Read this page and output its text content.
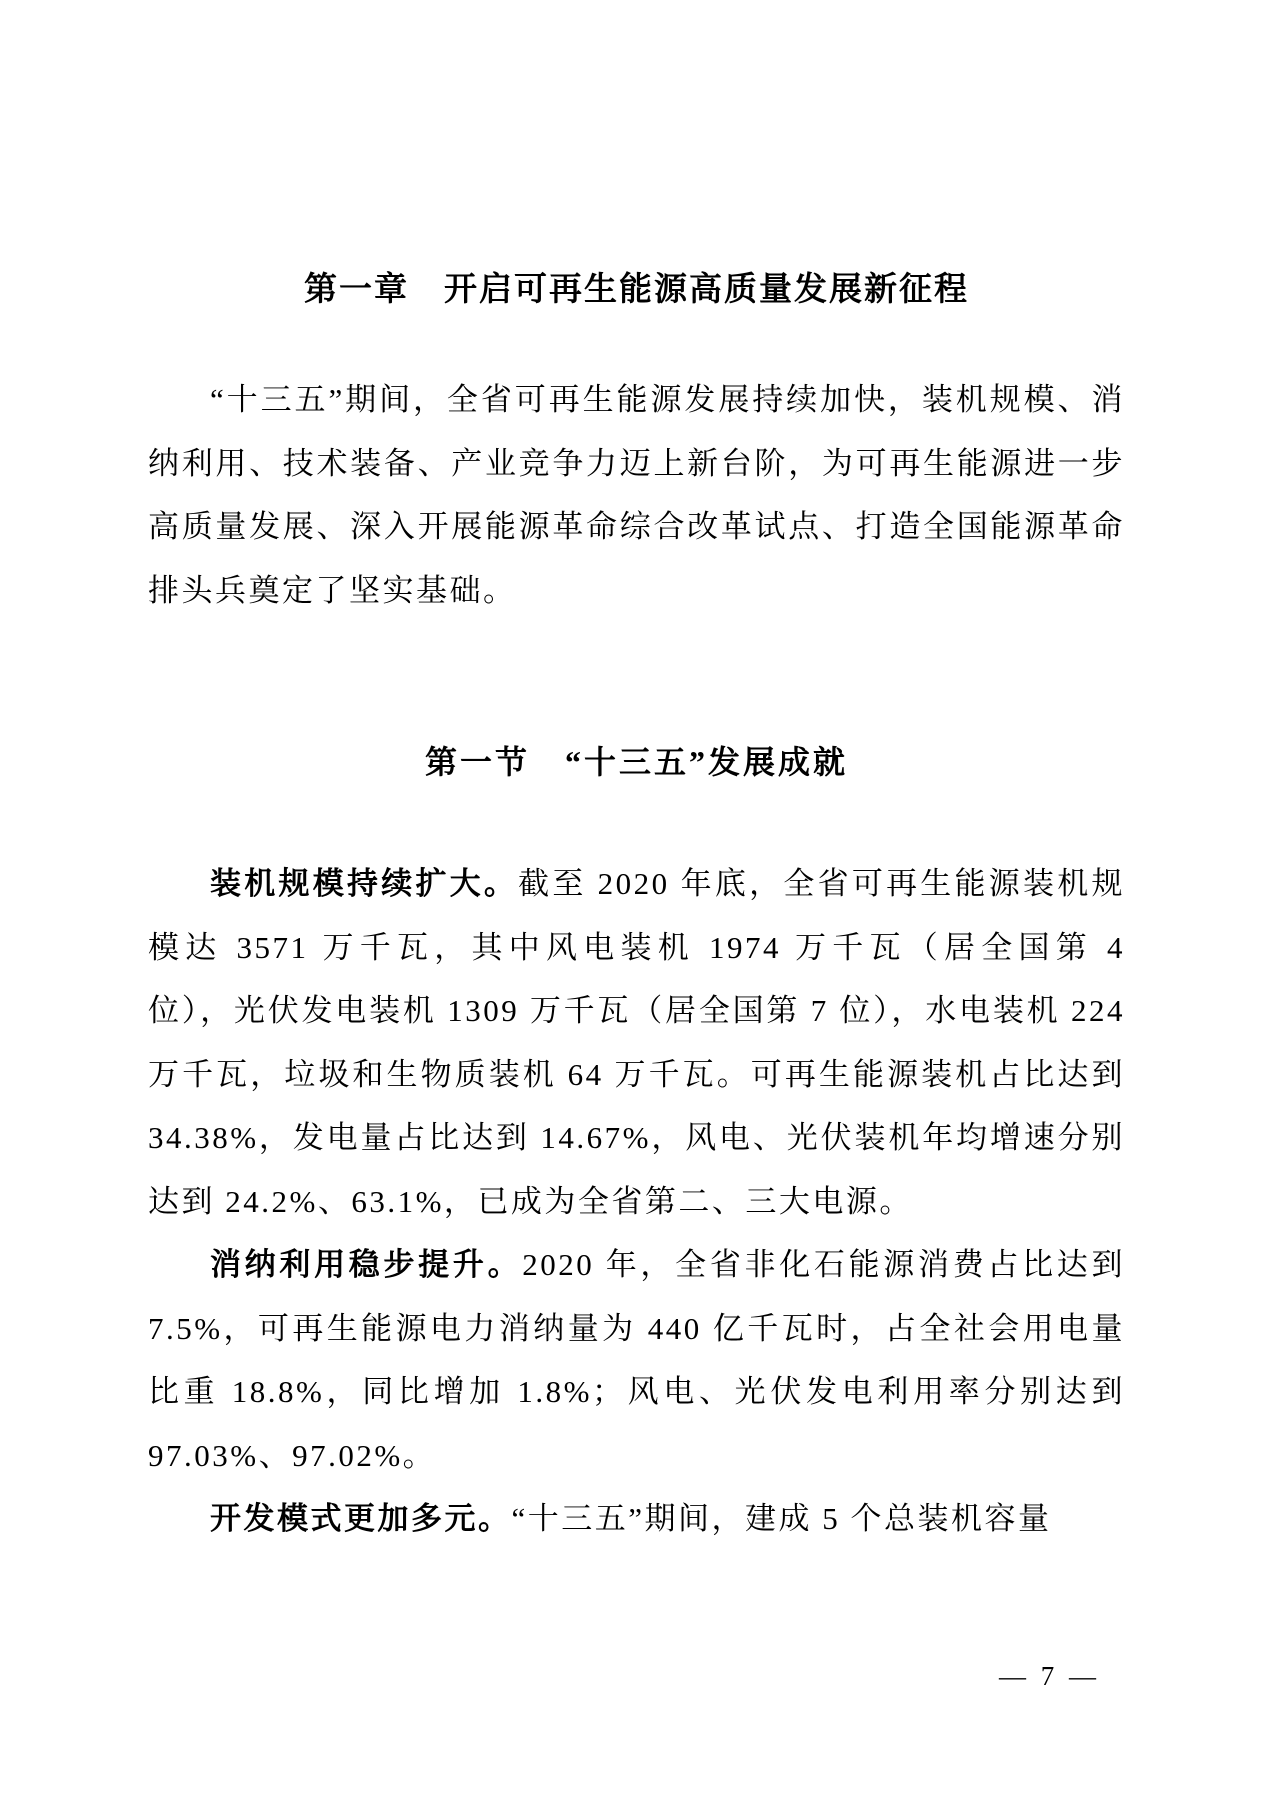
第一章　开启可再生能源高质量发展新征程

“十三五”期间，全省可再生能源发展持续加快，装机规模、消纳利用、技术装备、产业竞争力迈上新台阶，为可再生能源进一步高质量发展、深入开展能源革命综合改革试点、打造全国能源革命排头兵奠定了坚实基础。

第一节　“十三五”发展成就

装机规模持续扩大。截至 2020 年底，全省可再生能源装机规模达 3571 万千瓦，其中风电装机 1974 万千瓦（居全国第 4 位），光伏发电装机 1309 万千瓦（居全国第 7 位），水电装机 224 万千瓦，垃圾和生物质装机 64 万千瓦。可再生能源装机占比达到 34.38%，发电量占比达到 14.67%，风电、光伏装机年均增速分别达到 24.2%、63.1%，已成为全省第二、三大电源。

消纳利用稳步提升。2020 年，全省非化石能源消费占比达到 7.5%，可再生能源电力消纳量为 440 亿千瓦时，占全社会用电量比重 18.8%，同比增加 1.8%；风电、光伏发电利用率分别达到 97.03%、97.02%。

开发模式更加多元。“十三五”期间，建成 5 个总装机容量

— 7 —
